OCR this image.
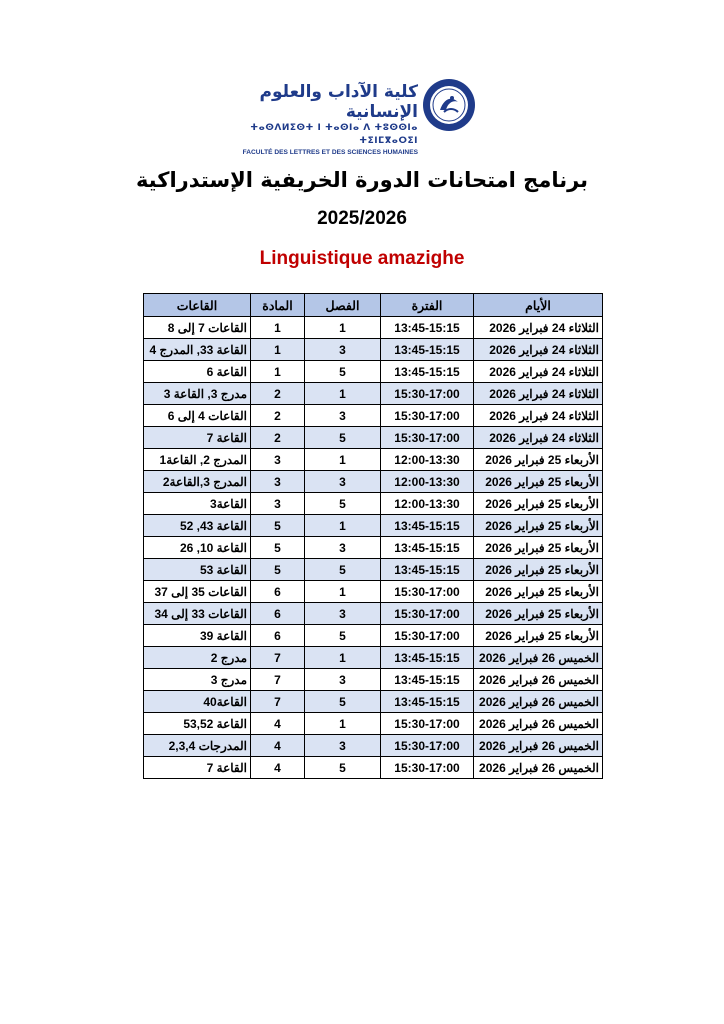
كلية الآداب والعلوم الإنسانية
ⵜⴰⵙⴷⵍⵉⵙⵜ ⵏ ⵜⴰⵙⵏⴰ ⴷ ⵜⵓⵙⵙⵏⴰ ⵜⵉⵏⵎⴳⴰⵔⵉⵏ
FACULTÉ DES LETTRES ET DES SCIENCES HUMAINES
برنامج امتحانات الدورة الخريفية الإستدراكية
2025/2026
Linguistique amazighe
الأيام	الفترة	الفصل	المادة	القاعات
الثلاثاء 24 فبراير 2026	13:45-15:15	1	1	القاعات 7 إلى 8
الثلاثاء 24 فبراير 2026	13:45-15:15	3	1	القاعة 33, المدرج 4
الثلاثاء 24 فبراير 2026	13:45-15:15	5	1	القاعة 6
الثلاثاء 24 فبراير 2026	15:30-17:00	1	2	مدرج 3, القاعة 3
الثلاثاء 24 فبراير 2026	15:30-17:00	3	2	القاعات 4 إلى 6
الثلاثاء 24 فبراير 2026	15:30-17:00	5	2	القاعة 7
الأربعاء 25 فبراير 2026	12:00-13:30	1	3	المدرج 2, القاعة1
الأربعاء 25 فبراير 2026	12:00-13:30	3	3	المدرج 3,القاعة2
الأربعاء 25 فبراير 2026	12:00-13:30	5	3	القاعة3
الأربعاء 25 فبراير 2026	13:45-15:15	1	5	القاعة 43, 52
الأربعاء 25 فبراير 2026	13:45-15:15	3	5	القاعة 10, 26
الأربعاء 25 فبراير 2026	13:45-15:15	5	5	القاعة 53
الأربعاء 25 فبراير 2026	15:30-17:00	1	6	القاعات 35 إلى 37
الأربعاء 25 فبراير 2026	15:30-17:00	3	6	القاعات 33 إلى 34
الأربعاء 25 فبراير 2026	15:30-17:00	5	6	القاعة 39
الخميس 26 فبراير 2026	13:45-15:15	1	7	مدرج 2
الخميس 26 فبراير 2026	13:45-15:15	3	7	مدرج 3
الخميس 26 فبراير 2026	13:45-15:15	5	7	القاعة40
الخميس 26 فبراير 2026	15:30-17:00	1	4	القاعة 53,52
الخميس 26 فبراير 2026	15:30-17:00	3	4	المدرجات 2,3,4
الخميس 26 فبراير 2026	15:30-17:00	5	4	القاعة 7
